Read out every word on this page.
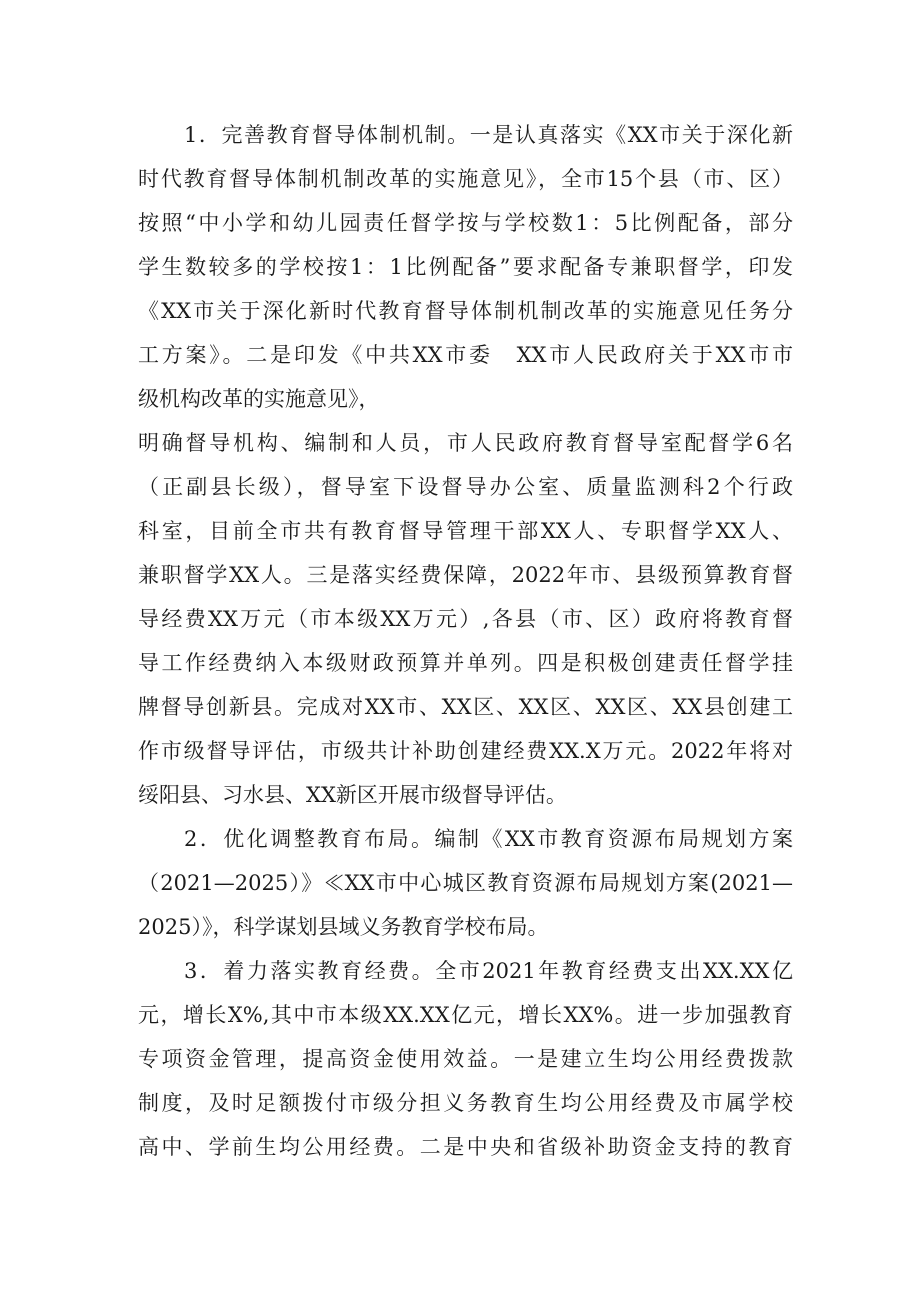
1．完善教育督导体制机制。一是认真落实《XX市关于深化新
时代教育督导体制机制改革的实施意见》，全市15个县（市、区）
按照“中小学和幼儿园责任督学按与学校数1：5比例配备，部分
学生数较多的学校按1：1比例配备”要求配备专兼职督学，印发
《XX市关于深化新时代教育督导体制机制改革的实施意见任务分
工方案》。二是印发《中共XX市委　XX市人民政府关于XX市市
级机构改革的实施意见》，
明确督导机构、编制和人员，市人民政府教育督导室配督学6名
（正副县长级），督导室下设督导办公室、质量监测科2个行政
科室，目前全市共有教育督导管理干部XX人、专职督学XX人、
兼职督学XX人。三是落实经费保障，2022年市、县级预算教育督
导经费XX万元（市本级XX万元）,各县（市、区）政府将教育督
导工作经费纳入本级财政预算并单列。四是积极创建责任督学挂
牌督导创新县。完成对XX市、XX区、XX区、XX区、XX县创建工
作市级督导评估，市级共计补助创建经费XX.X万元。2022年将对
绥阳县、习水县、XX新区开展市级督导评估。
2．优化调整教育布局。编制《XX市教育资源布局规划方案
（2021—2025）》≪XX市中心城区教育资源布局规划方案(2021—
2025）》，科学谋划县域义务教育学校布局。
3．着力落实教育经费。全市2021年教育经费支出XX.XX亿
元，增长X%,其中市本级XX.XX亿元，增长XX%。进一步加强教育
专项资金管理，提高资金使用效益。一是建立生均公用经费拨款
制度，及时足额拨付市级分担义务教育生均公用经费及市属学校
高中、学前生均公用经费。二是中央和省级补助资金支持的教育
